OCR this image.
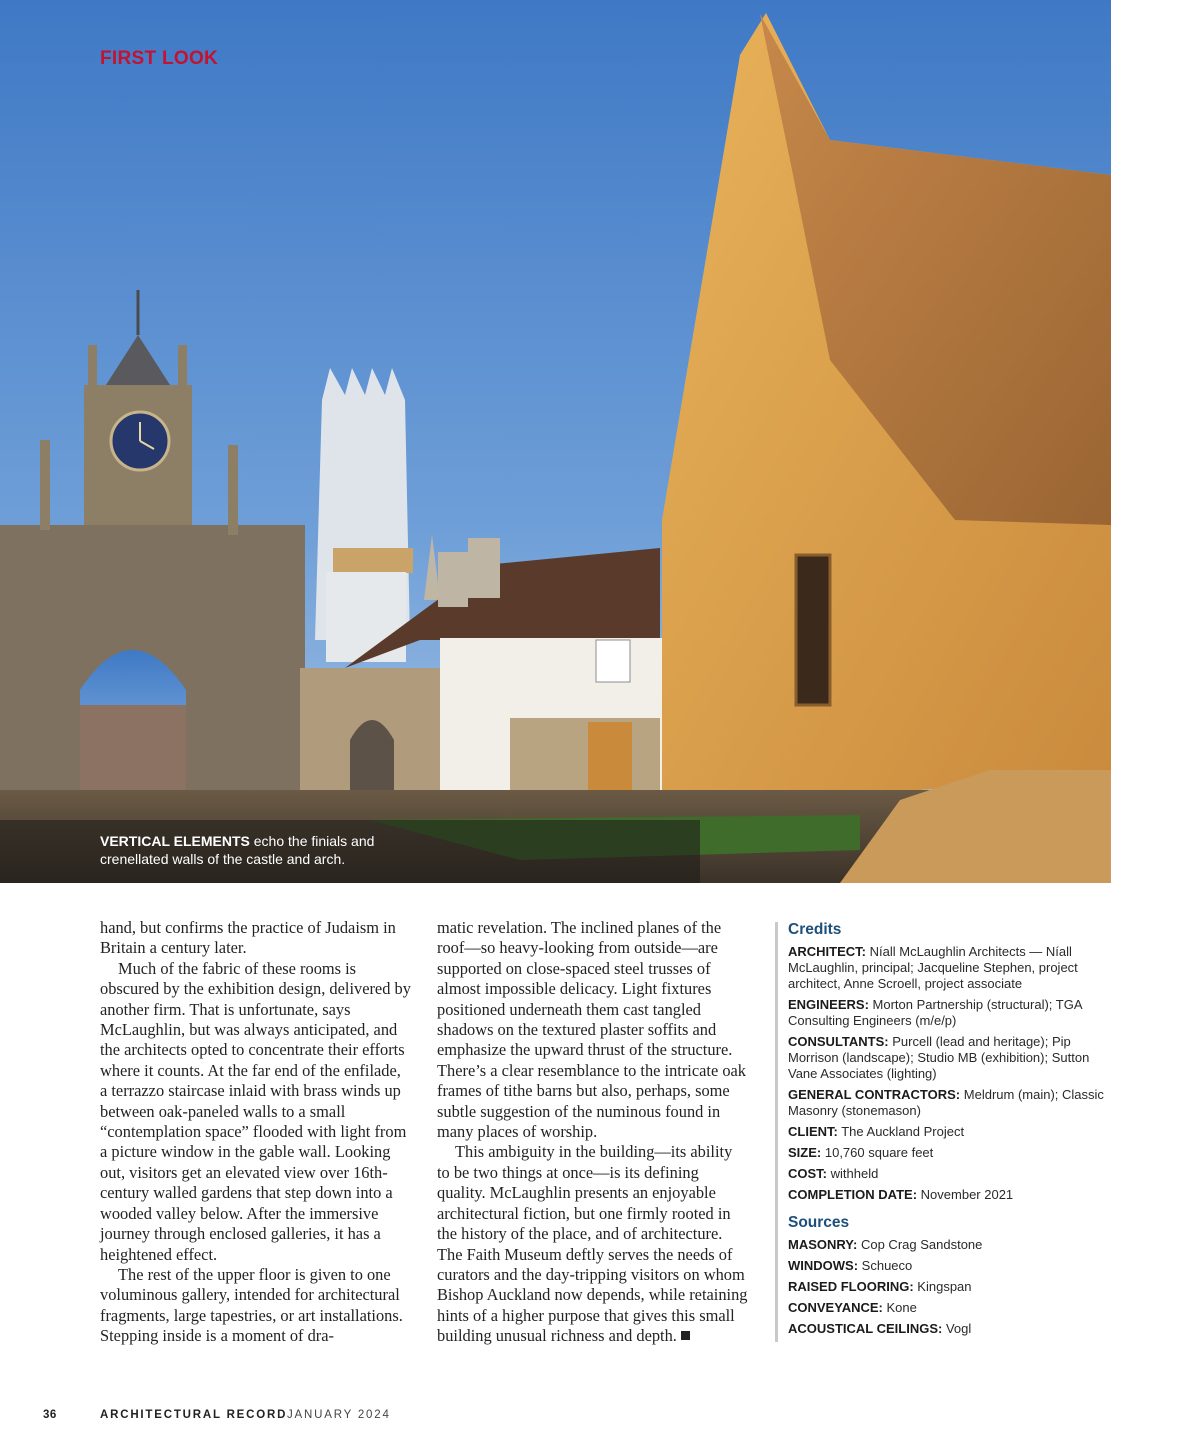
FIRST LOOK
VERTICAL ELEMENTS echo the finials and crenellated walls of the castle and arch.

hand, but confirms the practice of Judaism in Britain a century later.

Much of the fabric of these rooms is obscured by the exhibition design, delivered by another firm. That is unfortunate, says McLaughlin, but was always anticipated, and the architects opted to concentrate their efforts where it counts. At the far end of the enfilade, a terrazzo staircase inlaid with brass winds up between oak-paneled walls to a small “contemplation space” flooded with light from a picture window in the gable wall. Looking out, visitors get an elevated view over 16th-century walled gardens that step down into a wooded valley below. After the immersive journey through enclosed galleries, it has a heightened effect.

The rest of the upper floor is given to one voluminous gallery, intended for architectural fragments, large tapestries, or art installations. Stepping inside is a moment of dra-

matic revelation. The inclined planes of the roof—so heavy-looking from outside—are supported on close-spaced steel trusses of almost impossible delicacy. Light fixtures positioned underneath them cast tangled shadows on the textured plaster soffits and emphasize the upward thrust of the structure. There’s a clear resemblance to the intricate oak frames of tithe barns but also, perhaps, some subtle suggestion of the numinous found in many places of worship.

This ambiguity in the building—its ability to be two things at once—is its defining quality. McLaughlin presents an enjoyable architectural fiction, but one firmly rooted in the history of the place, and of architecture. The Faith Museum deftly serves the needs of curators and the day-tripping visitors on whom Bishop Auckland now depends, while retaining hints of a higher purpose that gives this small building unusual richness and depth.

Credits
ARCHITECT: Níall McLaughlin Architects — Níall McLaughlin, principal; Jacqueline Stephen, project architect, Anne Scroell, project associate
ENGINEERS: Morton Partnership (structural); TGA Consulting Engineers (m/e/p)
CONSULTANTS: Purcell (lead and heritage); Pip Morrison (landscape); Studio MB (exhibition); Sutton Vane Associates (lighting)
GENERAL CONTRACTORS: Meldrum (main); Classic Masonry (stonemason)
CLIENT: The Auckland Project
SIZE: 10,760 square feet
COST: withheld
COMPLETION DATE: November 2021
Sources
MASONRY: Cop Crag Sandstone
WINDOWS: Schueco
RAISED FLOORING: Kingspan
CONVEYANCE: Kone
ACOUSTICAL CEILINGS: Vogl
36	ARCHITECTURAL RECORD JANUARY 2024
